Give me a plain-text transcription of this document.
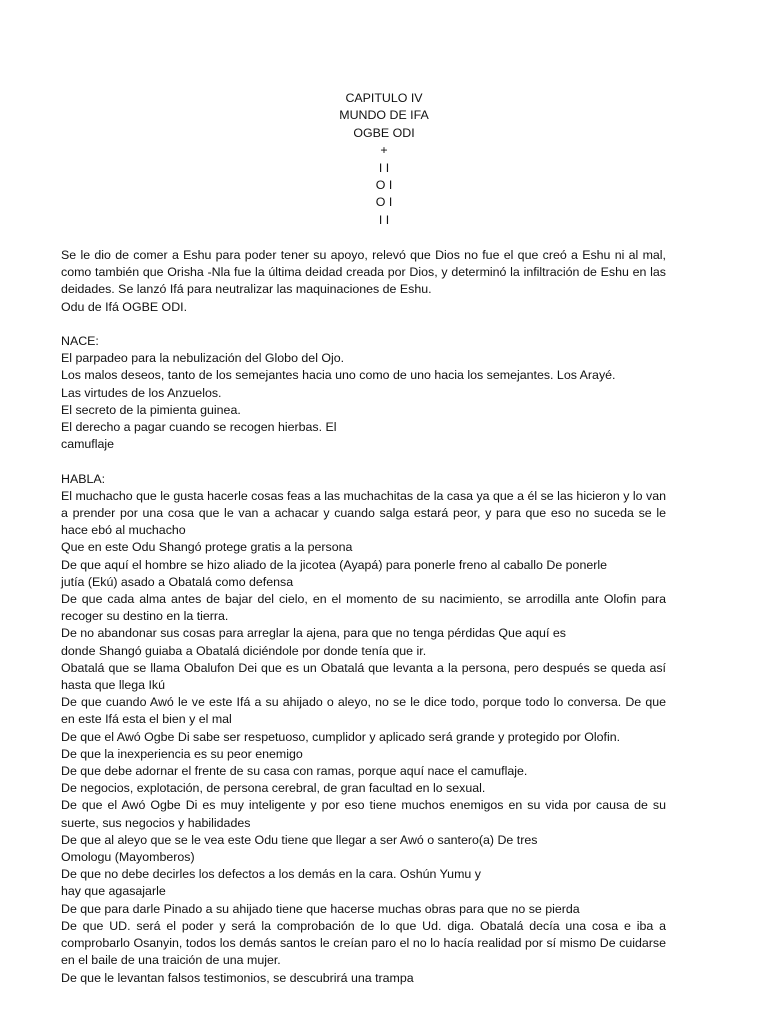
CAPITULO IV
MUNDO DE IFA
OGBE ODI
+
I I
O I
O I
I I

Se le dio de comer a Eshu para poder tener su apoyo, relevó que Dios no fue el que creó a Eshu ni al mal, como también que Orisha -Nla fue la última deidad creada por Dios, y determinó la infiltración de Eshu en las deidades. Se lanzó Ifá para neutralizar las maquinaciones de Eshu.

Odu de Ifá OGBE ODI.

NACE:

El parpadeo para la nebulización del Globo del Ojo.

Los malos deseos, tanto de los semejantes hacia uno como de uno hacia los semejantes. Los Arayé.

Las virtudes de los Anzuelos.

El secreto de la pimienta guinea.

El derecho a pagar cuando se recogen hierbas. El

camuflaje

HABLA:

El muchacho que le gusta hacerle cosas feas a las muchachitas de la casa ya que a él se las hicieron y lo van a prender por una cosa que le van a achacar y cuando salga estará peor, y para que eso no suceda se le hace ebó al muchacho

Que en este Odu Shangó protege gratis a la persona

De que aquí el hombre se hizo aliado de la jicotea (Ayapá) para ponerle freno al caballo De ponerle

jutía (Ekú) asado a Obatalá como defensa

De que cada alma antes de bajar del cielo, en el momento de su nacimiento, se arrodilla ante Olofin para recoger su destino en la tierra.

De no abandonar sus cosas para arreglar la ajena, para que no tenga pérdidas Que aquí es

donde Shangó guiaba a Obatalá diciéndole por donde tenía que ir.

Obatalá que se llama Obalufon Dei que es un Obatalá que levanta a la persona, pero después se queda así hasta que llega Ikú

De que cuando Awó le ve este Ifá a su ahijado o aleyo, no se le dice todo, porque todo lo conversa. De que en este Ifá esta el bien y el mal

De que el Awó Ogbe Di sabe ser respetuoso, cumplidor y aplicado será grande y protegido por Olofin.

De que la inexperiencia es su peor enemigo

De que debe adornar el frente de su casa con ramas, porque aquí nace el camuflaje.

De negocios, explotación, de persona cerebral, de gran facultad en lo sexual.

De que el Awó Ogbe Di es muy inteligente y por eso tiene muchos enemigos en su vida por causa de su suerte, sus negocios y habilidades

De que al aleyo que se le vea este Odu tiene que llegar a ser Awó o santero(a) De tres

Omologu (Mayomberos)

De que no debe decirles los defectos a los demás en la cara. Oshún Yumu y

hay que agasajarle

De que para darle Pinado a su ahijado tiene que hacerse muchas obras para que no se pierda

De que UD. será el poder y será la comprobación de lo que Ud. diga. Obatalá decía una cosa e iba a comprobarlo Osanyin, todos los demás santos le creían paro el no lo hacía realidad por sí mismo De cuidarse en el baile de una traición de una mujer.

De que le levantan falsos testimonios, se descubrirá una trampa
